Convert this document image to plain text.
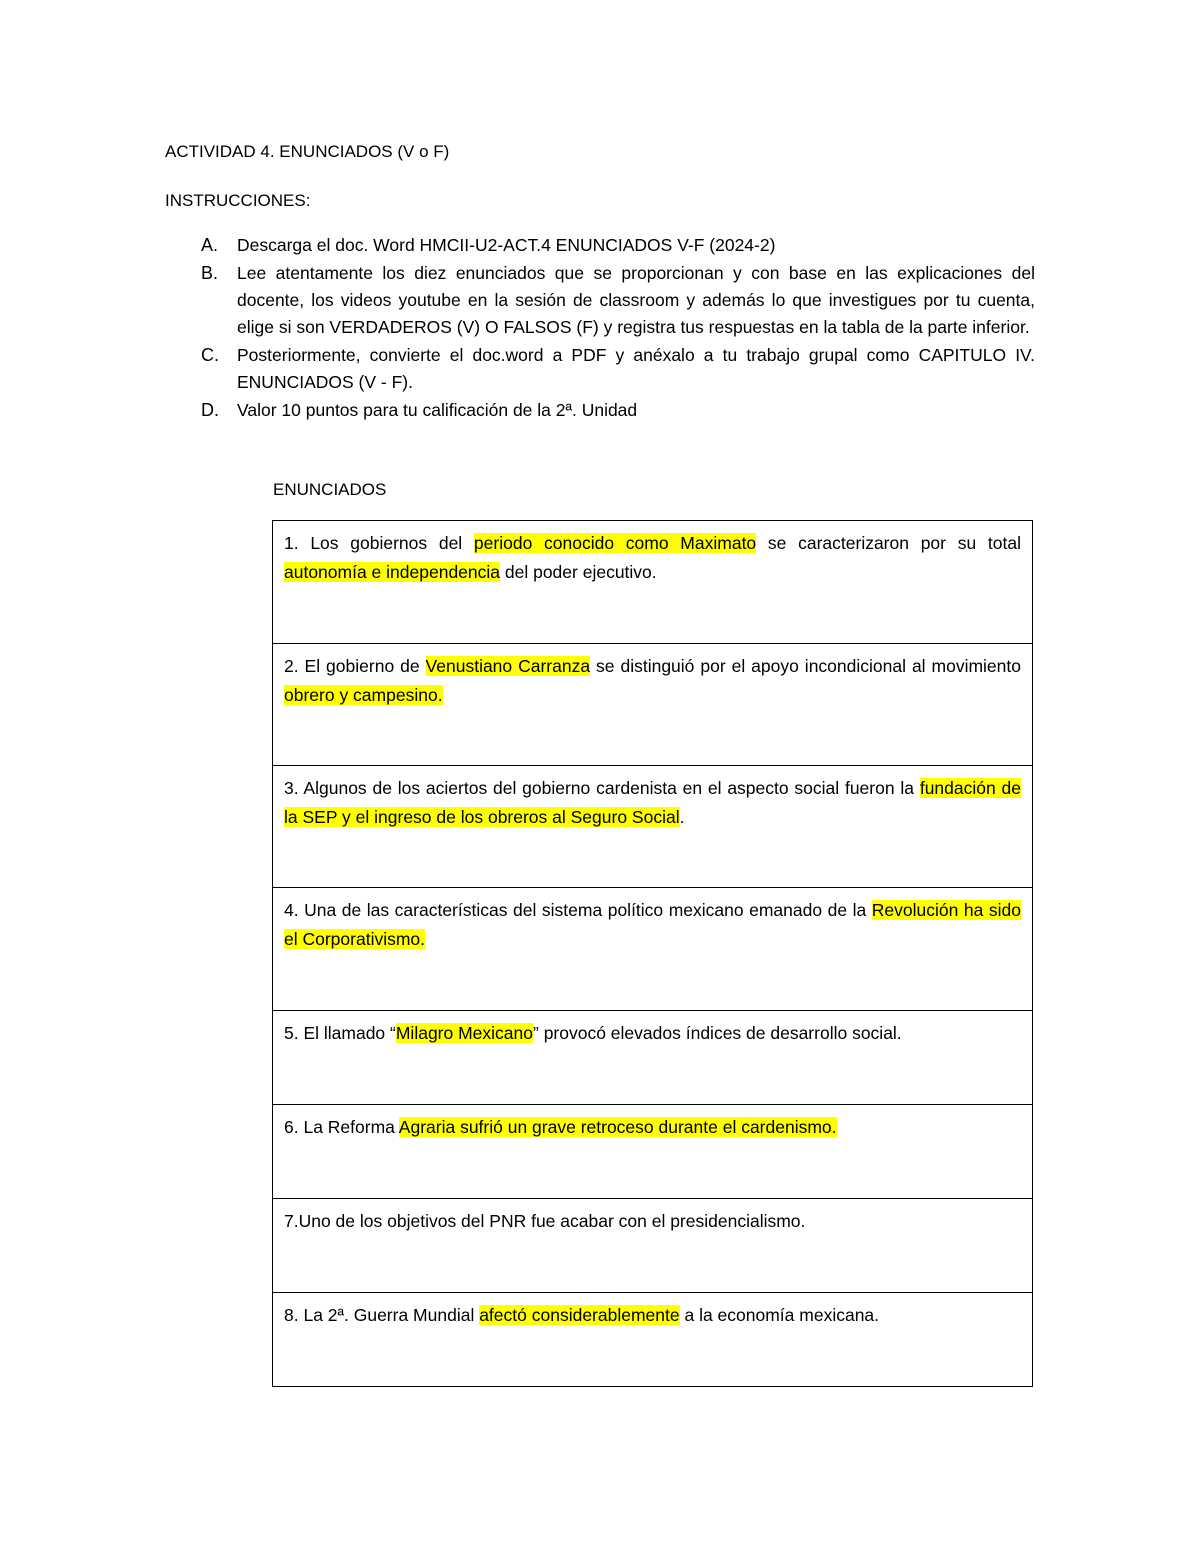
ACTIVIDAD 4. ENUNCIADOS (V o F)
INSTRUCCIONES:
A. Descarga el doc. Word HMCII-U2-ACT.4 ENUNCIADOS V-F (2024-2)
B. Lee atentamente los diez enunciados que se proporcionan y con base en las explicaciones del docente, los videos youtube en la sesión de classroom y además lo que investigues por tu cuenta, elige si son VERDADEROS (V) O FALSOS (F) y registra tus respuestas en la tabla de la parte inferior.
C. Posteriormente, convierte el doc.word a PDF y anéxalo a tu trabajo grupal como CAPITULO IV. ENUNCIADOS (V - F).
D. Valor 10 puntos para tu calificación de la 2ª. Unidad
ENUNCIADOS
1. Los gobiernos del periodo conocido como Maximato se caracterizaron por su total autonomía e independencia del poder ejecutivo.
2. El gobierno de Venustiano Carranza se distinguió por el apoyo incondicional al movimiento obrero y campesino.
3. Algunos de los aciertos del gobierno cardenista en el aspecto social fueron la fundación de la SEP y el ingreso de los obreros al Seguro Social.
4. Una de las características del sistema político mexicano emanado de la Revolución ha sido el Corporativismo.
5. El llamado “Milagro Mexicano” provocó elevados índices de desarrollo social.
6. La Reforma Agraria sufrió un grave retroceso durante el cardenismo.
7.Uno de los objetivos del PNR fue acabar con el presidencialismo.
8. La 2ª. Guerra Mundial afectó considerablemente a la economía mexicana.
